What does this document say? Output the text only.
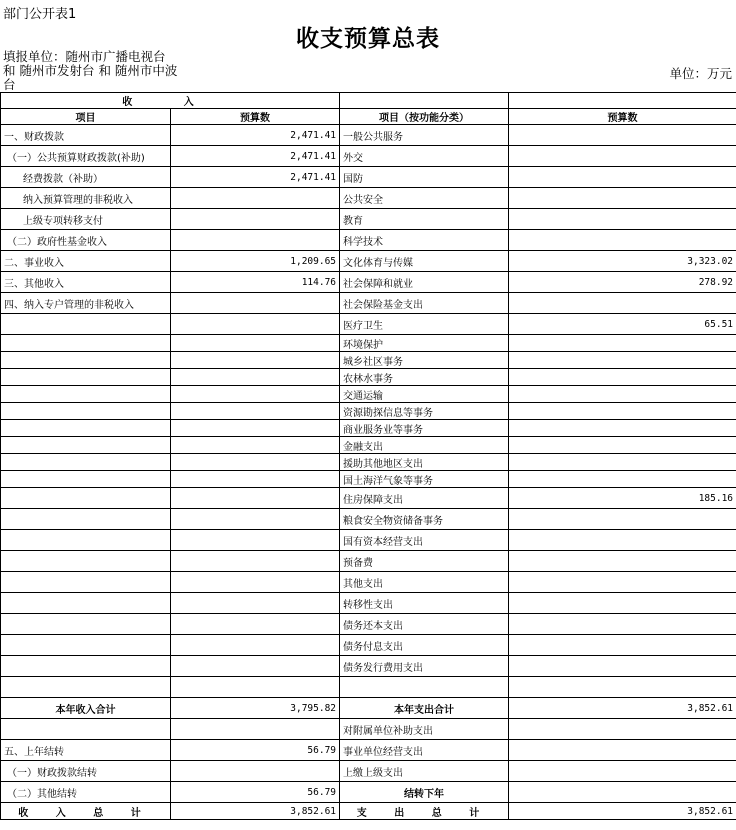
部门公开表1
收支预算总表
填报单位：随州市广播电视台 和 随州市发射台 和 随州市中波台
单位：万元
收 入			
项目	预算数	项目（按功能分类）	预算数
一、财政拨款	2,471.41	一般公共服务	
（一）公共预算财政拨款(补助)	2,471.41	外交	
经费拨款（补助）	2,471.41	国防	
纳入预算管理的非税收入		公共安全	
上级专项转移支付		教育	
（二）政府性基金收入		科学技术	
二、事业收入	1,209.65	文化体育与传媒	3,323.02
三、其他收入	114.76	社会保障和就业	278.92
四、纳入专户管理的非税收入		社会保险基金支出	
		医疗卫生	65.51
		环境保护	
		城乡社区事务	
		农林水事务	
		交通运输	
		资源勘探信息等事务	
		商业服务业等事务	
		金融支出	
		援助其他地区支出	
		国土海洋气象等事务	
		住房保障支出	185.16
		粮食安全物资储备事务	
		国有资本经营支出	
		预备费	
		其他支出	
		转移性支出	
		债务还本支出	
		债务付息支出	
		债务发行费用支出	

本年收入合计	3,795.82	本年支出合计	3,852.61
		对附属单位补助支出	
五、上年结转	56.79	事业单位经营支出	
（一）财政拨款结转		上缴上级支出	
（二）其他结转	56.79	结转下年	
收 入 总 计	3,852.61	支 出 总 计	3,852.61
